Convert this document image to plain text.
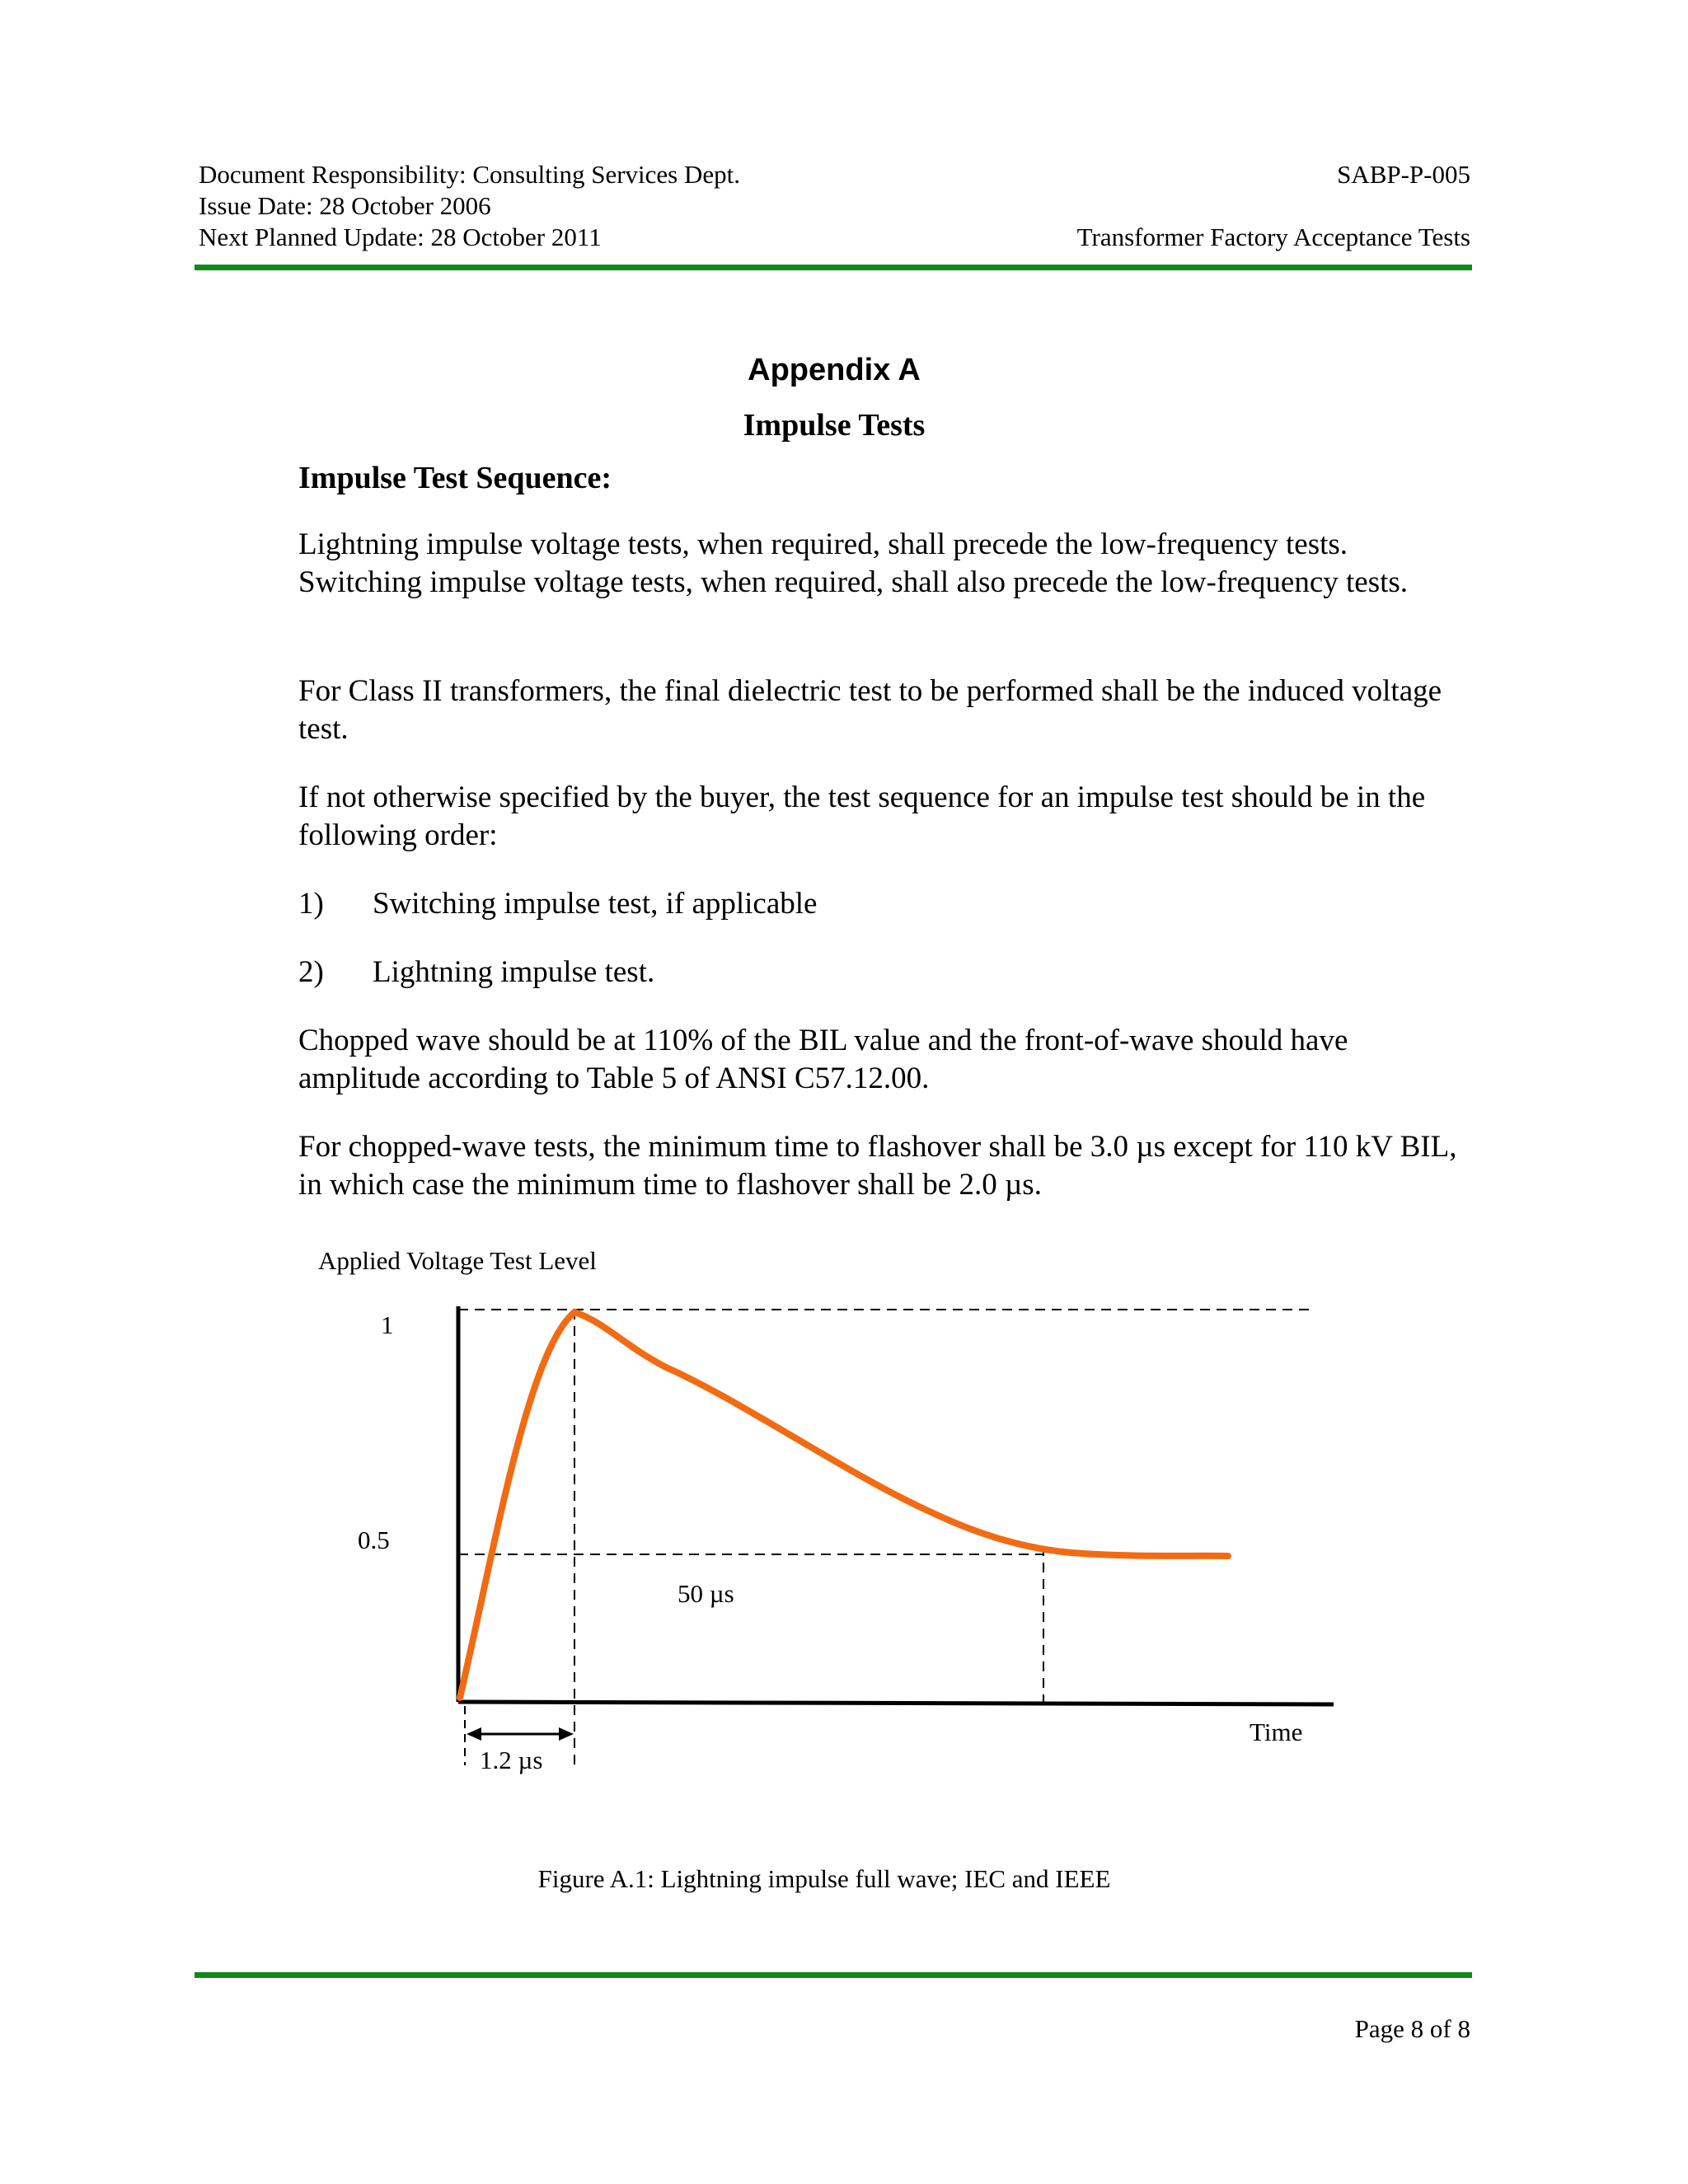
Document Responsibility: Consulting Services Dept.
Issue Date: 28 October 2006
Next Planned Update: 28 October 2011
SABP-P-005
Transformer Factory Acceptance Tests
Appendix A
Impulse Tests
Impulse Test Sequence:

Lightning impulse voltage tests, when required, shall precede the low-frequency tests. Switching impulse voltage tests, when required, shall also precede the low-frequency tests.

For Class II transformers, the final dielectric test to be performed shall be the induced voltage test.

If not otherwise specified by the buyer, the test sequence for an impulse test should be in the following order:

1) Switching impulse test, if applicable
2) Lightning impulse test.

Chopped wave should be at 110% of the BIL value and the front-of-wave should have amplitude according to Table 5 of ANSI C57.12.00.

For chopped-wave tests, the minimum time to flashover shall be 3.0 µs except for 110 kV BIL, in which case the minimum time to flashover shall be 2.0 µs.

Applied Voltage Test Level
1
0.5
1.2 µs
50 µs
Time
Figure A.1: Lightning impulse full wave; IEC and IEEE
Page 8 of 8
